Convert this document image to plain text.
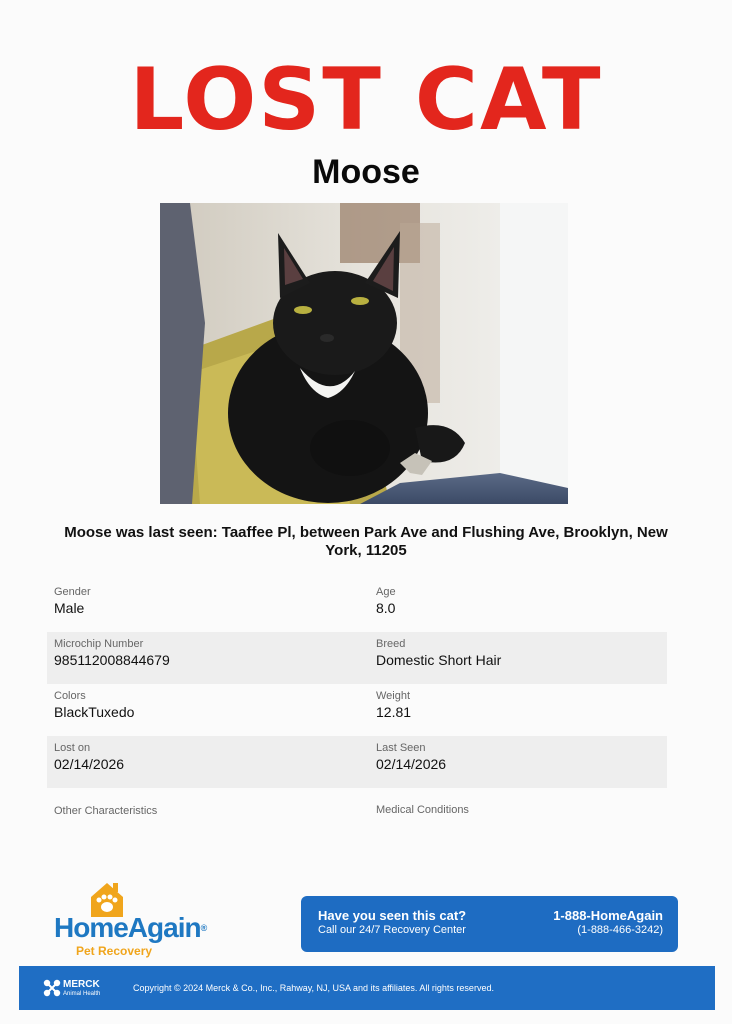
LOST CAT
Moose
Moose was last seen: Taaffee Pl, between Park Ave and Flushing Ave, Brooklyn, New York, 11205
Gender
Male
Age
8.0
Microchip Number
985112008844679
Breed
Domestic Short Hair
Colors
BlackTuxedo
Weight
12.81
Lost on
02/14/2026
Last Seen
02/14/2026
Other Characteristics	Medical Conditions
HomeAgain®
Pet Recovery
Have you seen this cat?
Call our 24/7 Recovery Center
1-888-HomeAgain
(1-888-466-3242)
MERCK
Animal Health
Copyright © 2024 Merck & Co., Inc., Rahway, NJ, USA and its affiliates. All rights reserved.
